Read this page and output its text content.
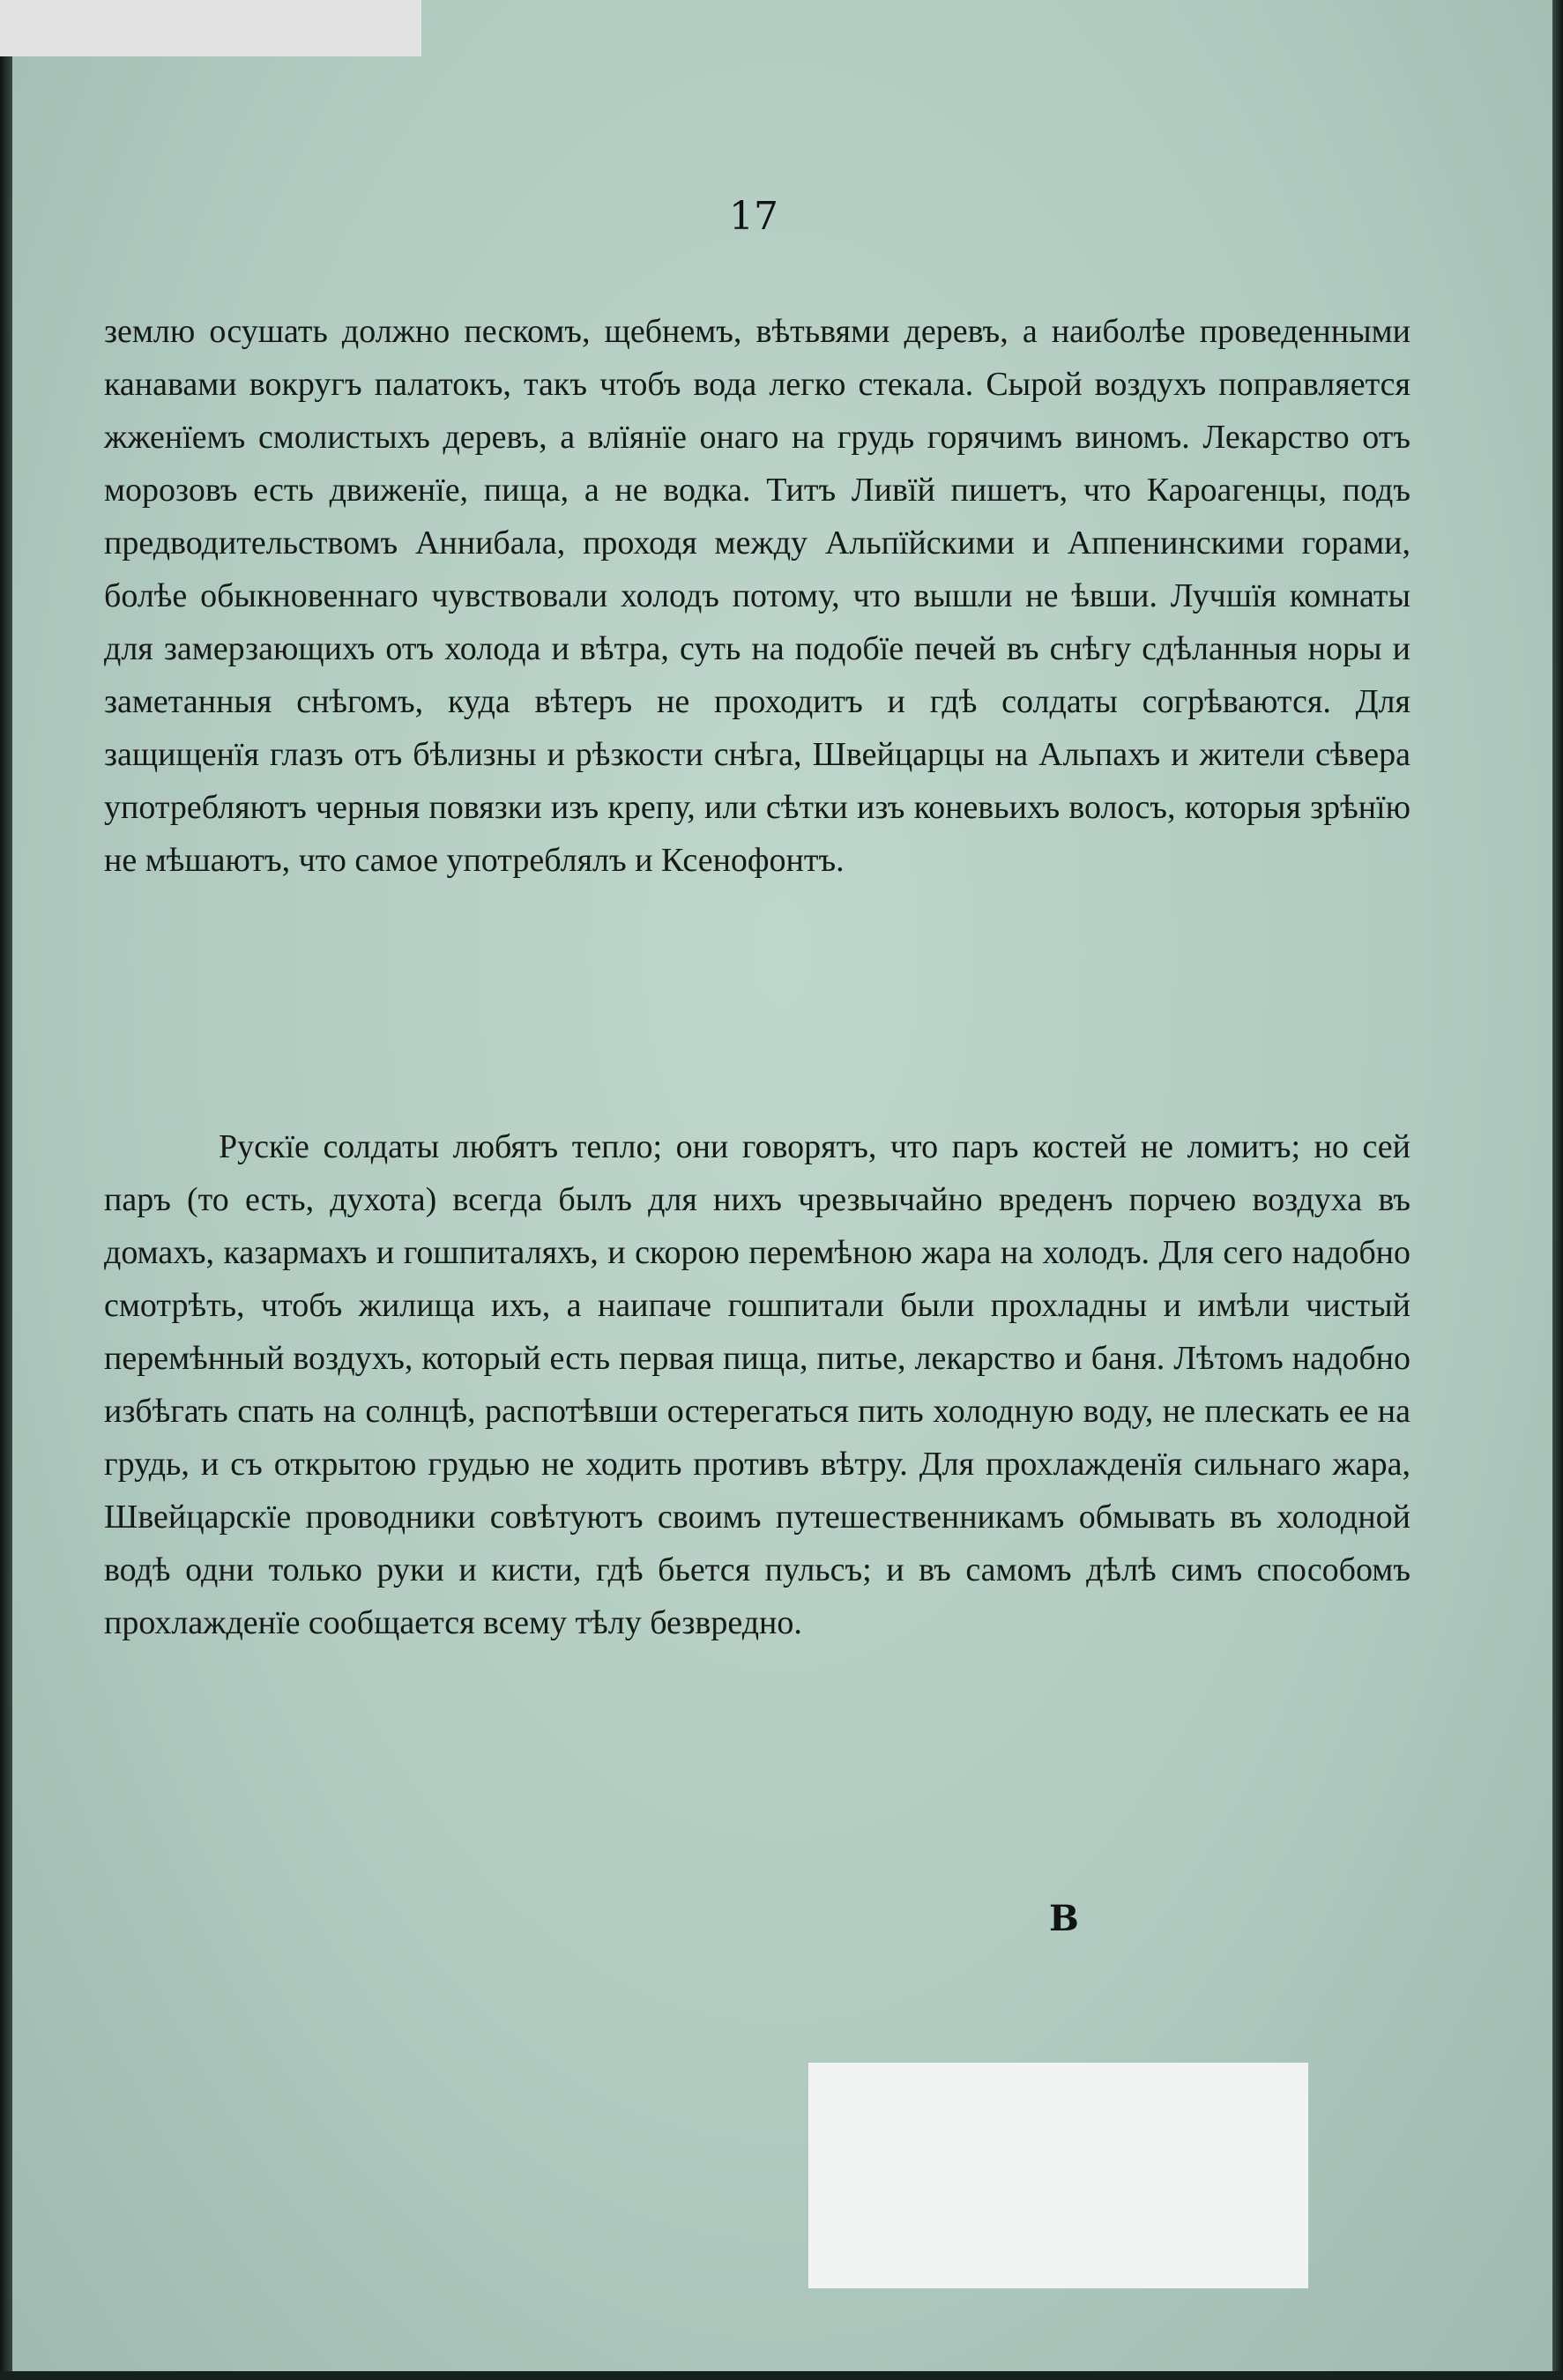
17

землю осушать должно пескомъ, щебнемъ, вѣтьвями деревъ, а наиболѣе проведенными канавами вокругъ палатокъ, такъ чтобъ вода легко стекала. Сырой воздухъ поправляется жженїемъ смолистыхъ деревъ, а влїянїе онаго на грудь горячимъ виномъ. Лекарство отъ морозовъ есть движенїе, пища, а не водка. Титъ Ливїй пишетъ, что Кароагенцы, подъ предводительствомъ Аннибала, проходя между Альпїйскими и Аппенинскими горами, болѣе обыкновеннаго чувствовали холодъ потому, что вышли не ѣвши. Лучшїя комнаты для замерзающихъ отъ холода и вѣтра, суть на подобїе печей въ снѣгу сдѣланныя норы и заметанныя снѣгомъ, куда вѣтеръ не проходитъ и гдѣ солдаты согрѣваются. Для защищенїя глазъ отъ бѣлизны и рѣзкости снѣга, Швейцарцы на Альпахъ и жители сѣвера употребляютъ черныя повязки изъ крепу, или сѣтки изъ коневьихъ волосъ, которыя зрѣнїю не мѣшаютъ, что самое употреблялъ и Ксенофонтъ.

Рускїе солдаты любятъ тепло; они говорятъ, что паръ костей не ломитъ; но сей паръ (то есть, духота) всегда былъ для нихъ чрезвычайно вреденъ порчею воздуха въ домахъ, казармахъ и гошпиталяхъ, и скорою перемѣною жара на холодъ. Для сего надобно смотрѣть, чтобъ жилища ихъ, а наипаче гошпитали были прохладны и имѣли чистый перемѣнный воздухъ, который есть первая пища, питье, лекарство и баня. Лѣтомъ надобно избѣгать спать на солнцѣ, распотѣвши остерегаться пить холодную воду, не плескать ее на грудь, и съ открытою грудью не ходить противъ вѣтру. Для прохлажденїя сильнаго жара, Швейцарскїе проводники совѣтуютъ своимъ путешественникамъ обмывать въ холодной водѣ одни только руки и кисти, гдѣ бьется пульсъ; и въ самомъ дѣлѣ симъ способомъ прохлажденїе сообщается всему тѣлу безвредно.
В
